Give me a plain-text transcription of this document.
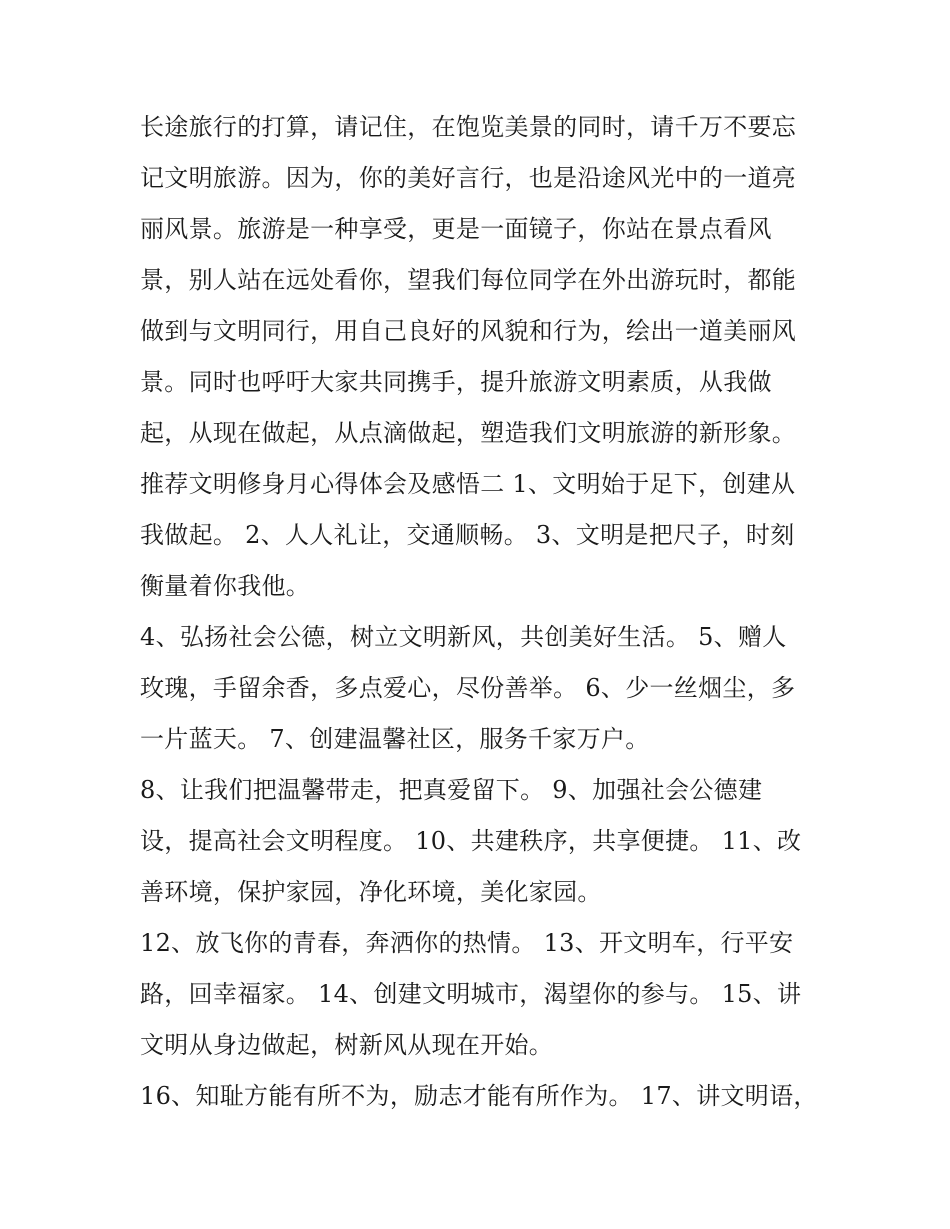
长途旅行的打算，请记住，在饱览美景的同时，请千万不要忘
记文明旅游。因为，你的美好言行，也是沿途风光中的一道亮
丽风景。旅游是一种享受，更是一面镜子，你站在景点看风
景，别人站在远处看你，望我们每位同学在外出游玩时，都能
做到与文明同行，用自己良好的风貌和行为，绘出一道美丽风
景。同时也呼吁大家共同携手，提升旅游文明素质，从我做
起，从现在做起，从点滴做起，塑造我们文明旅游的新形象。
推荐文明修身月心得体会及感悟二 1、文明始于足下，创建从
我做起。 2、人人礼让，交通顺畅。 3、文明是把尺子，时刻
衡量着你我他。
4、弘扬社会公德，树立文明新风，共创美好生活。 5、赠人
玫瑰，手留余香，多点爱心，尽份善举。 6、少一丝烟尘，多
一片蓝天。 7、创建温馨社区，服务千家万户。
8、让我们把温馨带走，把真爱留下。 9、加强社会公德建
设，提高社会文明程度。 10、共建秩序，共享便捷。 11、改
善环境，保护家园，净化环境，美化家园。
12、放飞你的青春，奔洒你的热情。 13、开文明车，行平安
路，回幸福家。 14、创建文明城市，渴望你的参与。 15、讲
文明从身边做起，树新风从现在开始。
16、知耻方能有所不为，励志才能有所作为。 17、讲文明语，
